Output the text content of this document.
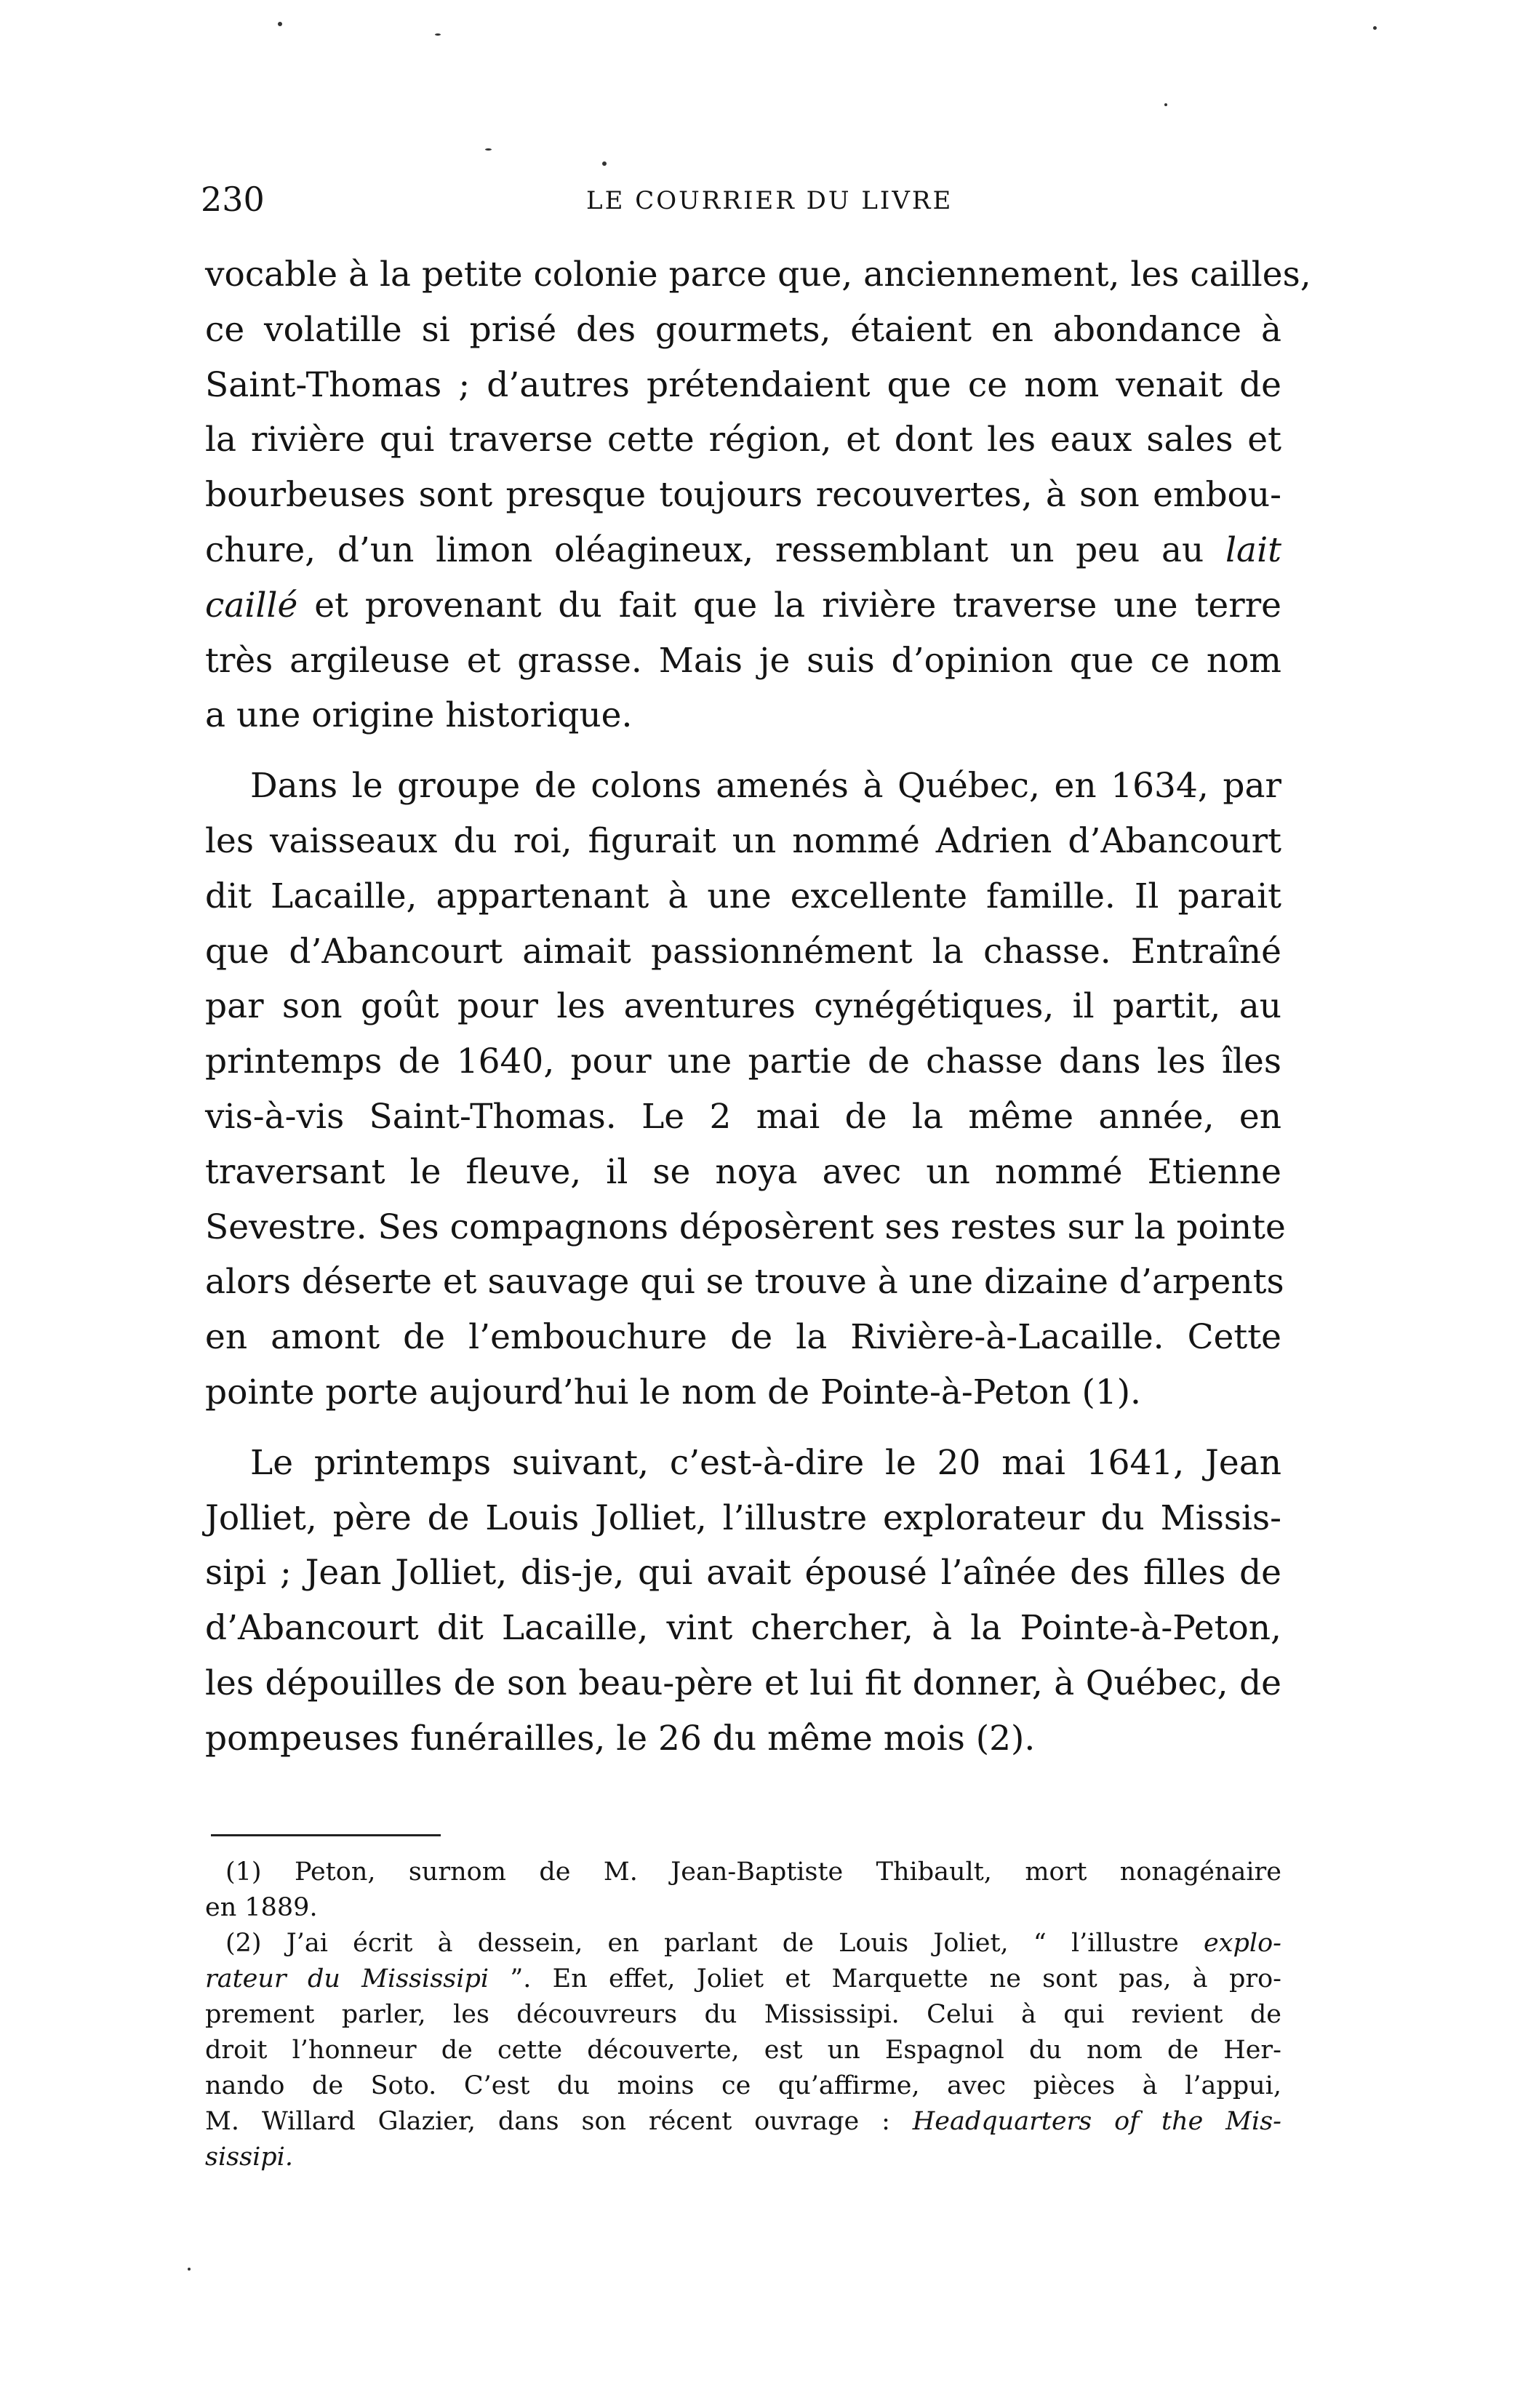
230	LE COURRIER DU LIVRE

vocable à la petite colonie parce que, anciennement, les cailles,
ce volatille si prisé des gourmets, étaient en abondance à
Saint-Thomas ; d’autres prétendaient que ce nom venait de
la rivière qui traverse cette région, et dont les eaux sales et
bourbeuses sont presque toujours recouvertes, à son embou-
chure, d’un limon oléagineux, ressemblant un peu au lait
caillé et provenant du fait que la rivière traverse une terre
très argileuse et grasse. Mais je suis d’opinion que ce nom
a une origine historique.

Dans le groupe de colons amenés à Québec, en 1634, par
les vaisseaux du roi, figurait un nommé Adrien d’Abancourt
dit Lacaille, appartenant à une excellente famille. Il parait
que d’Abancourt aimait passionnément la chasse. Entraîné
par son goût pour les aventures cynégétiques, il partit, au
printemps de 1640, pour une partie de chasse dans les îles
vis-à-vis Saint-Thomas. Le 2 mai de la même année, en
traversant le fleuve, il se noya avec un nommé Etienne
Sevestre. Ses compagnons déposèrent ses restes sur la pointe
alors déserte et sauvage qui se trouve à une dizaine d’arpents
en amont de l’embouchure de la Rivière-à-Lacaille. Cette
pointe porte aujourd’hui le nom de Pointe-à-Peton (1).

Le printemps suivant, c’est-à-dire le 20 mai 1641, Jean
Jolliet, père de Louis Jolliet, l’illustre explorateur du Missis-
sipi ; Jean Jolliet, dis-je, qui avait épousé l’aînée des filles de
d’Abancourt dit Lacaille, vint chercher, à la Pointe-à-Peton,
les dépouilles de son beau-père et lui fit donner, à Québec, de
pompeuses funérailles, le 26 du même mois (2).

(1) Peton, surnom de M. Jean-Baptiste Thibault, mort nonagénaire
en 1889.
(2) J’ai écrit à dessein, en parlant de Louis Joliet, “ l’illustre explo-
rateur du Mississipi ”. En effet, Joliet et Marquette ne sont pas, à pro-
prement parler, les découvreurs du Mississipi. Celui à qui revient de
droit l’honneur de cette découverte, est un Espagnol du nom de Her-
nando de Soto. C’est du moins ce qu’affirme, avec pièces à l’appui,
M. Willard Glazier, dans son récent ouvrage : Headquarters of the Mis-
sissipi.
